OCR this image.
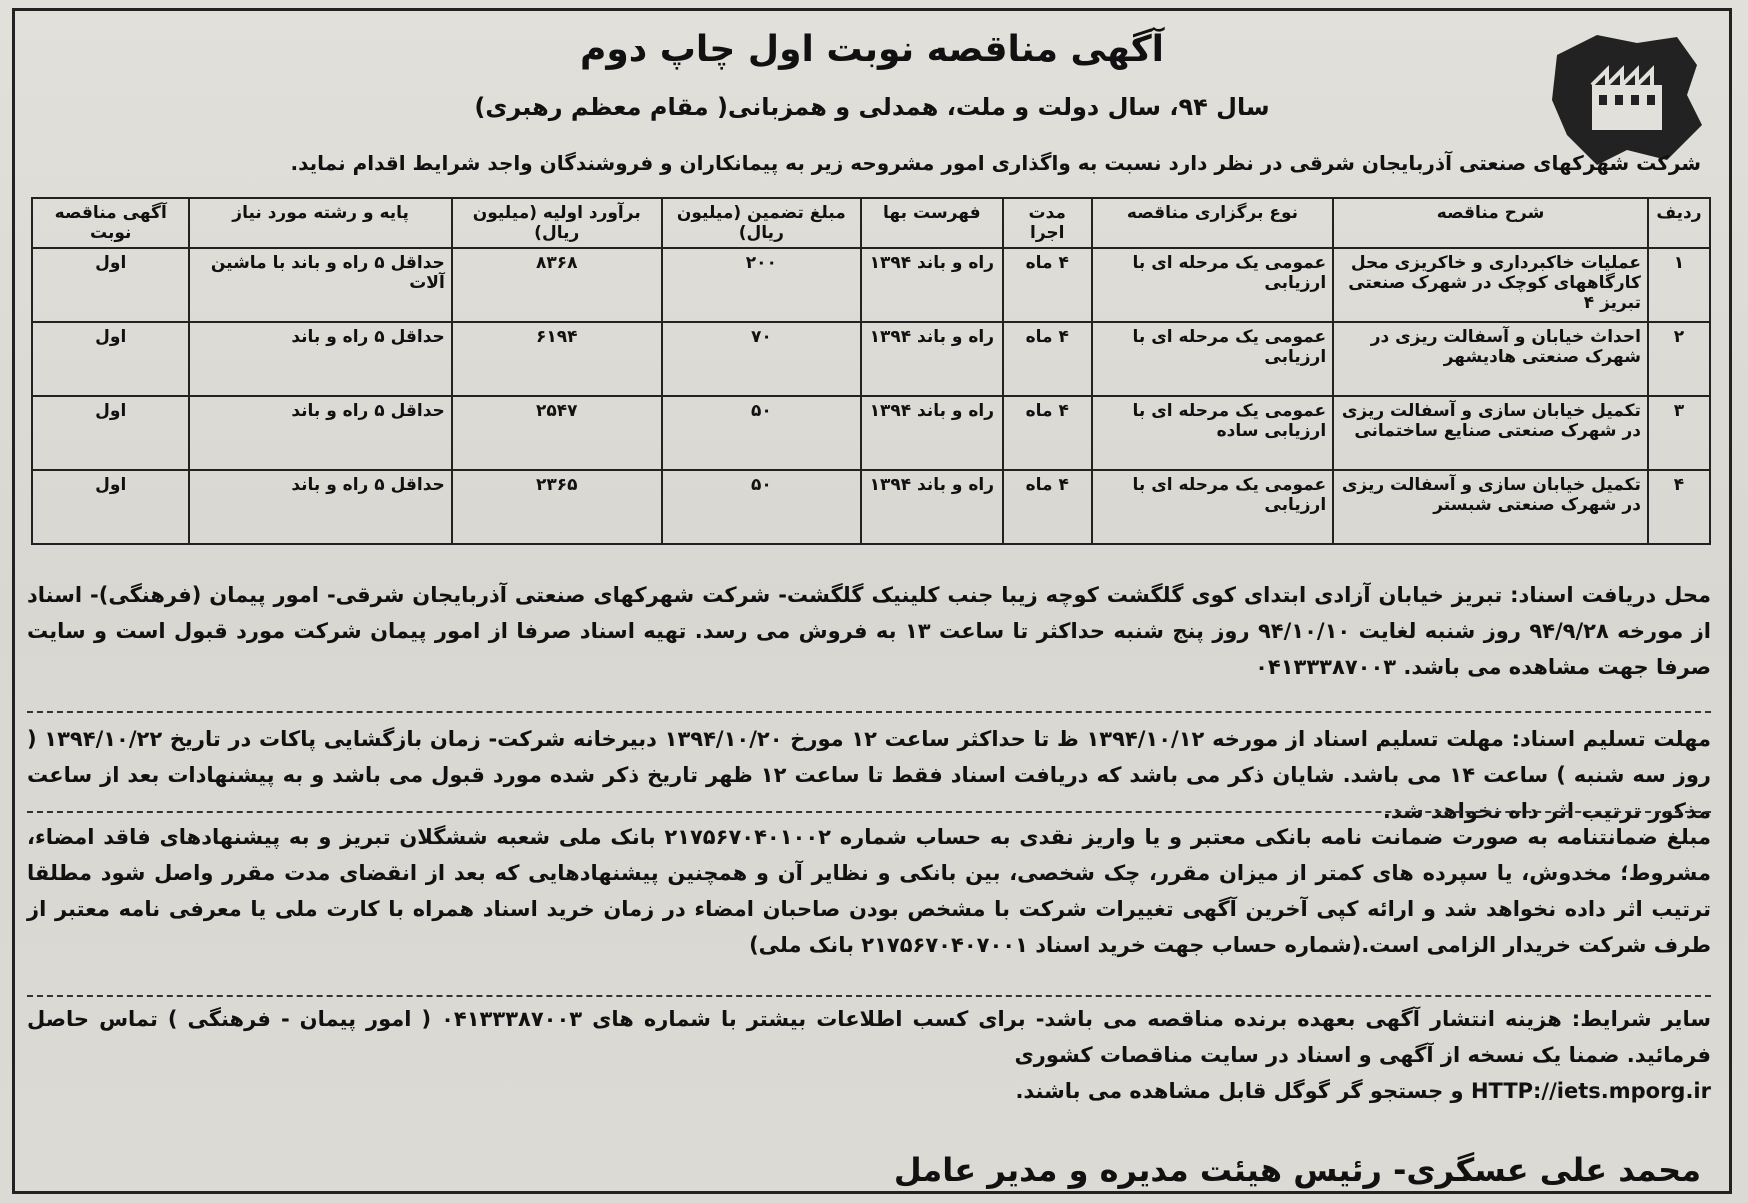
آگهی مناقصه نوبت اول چاپ دوم
سال ۹۴، سال دولت و ملت، همدلی و همزبانی( مقام معظم رهبری)
شرکت شهرکهای صنعتی آذربایجان شرقی در نظر دارد نسبت به واگذاری امور مشروحه زیر به پیمانکاران و فروشندگان واجد شرایط اقدام نماید.
ردیف	شرح مناقصه	نوع برگزاری مناقصه	مدت اجرا	فهرست بها	مبلغ تضمین (میلیون ریال)	برآورد اولیه (میلیون ریال)	پایه و رشته مورد نیاز	آگهی مناقصه نوبت
۱	عملیات خاکبرداری و خاکریزی محل کارگاههای کوچک در شهرک صنعتی تبریز ۴	عمومی یک مرحله ای با ارزیابی	۴ ماه	راه و باند ۱۳۹۴	۲۰۰	۸۳۶۸	حداقل ۵ راه و باند با ماشین آلات	اول
۲	احداث خیابان و آسفالت ریزی در شهرک صنعتی هادیشهر	عمومی یک مرحله ای با ارزیابی	۴ ماه	راه و باند ۱۳۹۴	۷۰	۶۱۹۴	حداقل ۵ راه و باند	اول
۳	تکمیل خیابان سازی و آسفالت ریزی در شهرک صنعتی صنایع ساختمانی	عمومی یک مرحله ای با ارزیابی ساده	۴ ماه	راه و باند ۱۳۹۴	۵۰	۲۵۴۷	حداقل ۵ راه و باند	اول
۴	تکمیل خیابان سازی و آسفالت ریزی در شهرک صنعتی شبستر	عمومی یک مرحله ای با ارزیابی	۴ ماه	راه و باند ۱۳۹۴	۵۰	۲۳۶۵	حداقل ۵ راه و باند	اول
محل دریافت اسناد: تبریز خیابان آزادی ابتدای کوی گلگشت کوچه زیبا جنب کلینیک گلگشت- شرکت شهرکهای صنعتی آذربایجان شرقی- امور پیمان (فرهنگی)- اسناد از مورخه ۹۴/۹/۲۸ روز شنبه لغایت ۹۴/۱۰/۱۰ روز پنج شنبه حداکثر تا ساعت ۱۳ به فروش می رسد. تهیه اسناد صرفا از امور پیمان شرکت مورد قبول است و سایت صرفا جهت مشاهده می باشد. ۰۴۱۳۳۳۸۷۰۰۳
مهلت تسلیم اسناد: مهلت تسلیم اسناد از مورخه ۱۳۹۴/۱۰/۱۲ ظ تا حداکثر ساعت ۱۲ مورخ ۱۳۹۴/۱۰/۲۰ دبیرخانه شرکت- زمان بازگشایی پاکات در تاریخ ۱۳۹۴/۱۰/۲۲ ( روز سه شنبه ) ساعت ۱۴ می باشد. شایان ذکر می باشد که دریافت اسناد فقط تا ساعت ۱۲ ظهر تاریخ ذکر شده مورد قبول می باشد و به پیشنهادات بعد از ساعت مذکور ترتیب اثر داه نخواهد شد.
مبلغ ضمانتنامه به صورت ضمانت نامه بانکی معتبر و یا واریز نقدی به حساب شماره ۲۱۷۵۶۷۰۴۰۱۰۰۲ بانک ملی شعبه ششگلان تبریز و به پیشنهادهای فاقد امضاء، مشروط؛ مخدوش، یا سپرده های کمتر از میزان مقرر، چک شخصی، بین بانکی و نظایر آن و همچنین پیشنهادهایی که بعد از انقضای مدت مقرر واصل شود مطلقا ترتیب اثر داده نخواهد شد و ارائه کپی آخرین آگهی تغییرات شرکت با مشخص بودن صاحبان امضاء در زمان خرید اسناد همراه با کارت ملی یا معرفی نامه معتبر از طرف شرکت خریدار الزامی است.(شماره حساب جهت خرید اسناد ۲۱۷۵۶۷۰۴۰۷۰۰۱ بانک ملی)
سایر شرایط: هزینه انتشار آگهی بعهده برنده مناقصه می باشد- برای کسب اطلاعات بیشتر با شماره های ۰۴۱۳۳۳۸۷۰۰۳ ( امور پیمان - فرهنگی ) تماس حاصل فرمائید. ضمنا یک نسخه از آگهی و اسناد در سایت مناقصات کشوری
HTTP://iets.mporg.ir و جستجو گر گوگل قابل مشاهده می باشند.
محمد علی عسگری- رئیس هیئت مدیره و مدیر عامل
